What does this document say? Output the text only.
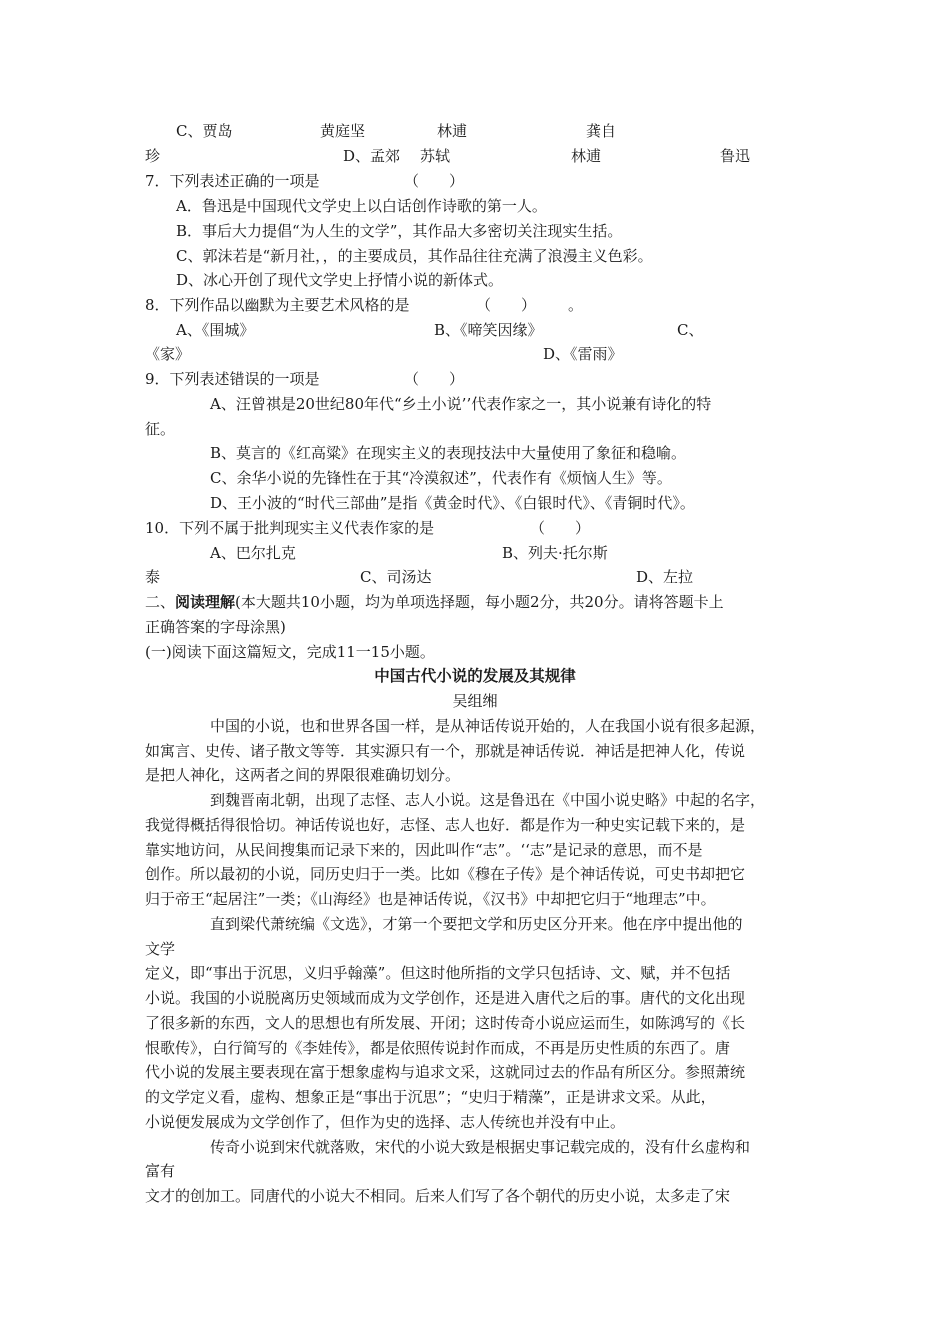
C、贾岛	黄庭坚	林逋	龚自
珍	D、孟郊 苏轼	林逋	鲁迅
7．下列表述正确的一项是	（　　）
A．鲁迅是中国现代文学史上以白话创作诗歌的第一人。
B．事后大力提倡“为人生的文学”，其作品大多密切关注现实生括。
C、郭沫若是“新月社，，的主要成员，其作品往往充满了浪漫主义色彩。
D、冰心开创了现代文学史上抒情小说的新体式。
8．下列作品以幽默为主要艺术风格的是	（　　） 。
A、《围城》	B、《啼笑因缘》	C、
《家》	D、《雷雨》
9．下列表述错误的一项是	（　　）
A、汪曾祺是20世纪80年代“乡土小说’’代表作家之一，其小说兼有诗化的特
征。
B、莫言的《红高粱》在现实主义的表现技法中大量使用了象征和稳喻。
C、余华小说的先锋性在于其“冷漠叙述”，代表作有《烦恼人生》等。
D、王小波的“时代三部曲”是指《黄金时代》、《白银时代》、《青铜时代》。
10．下列不属于批判现实主义代表作家的是	（　　）
A、巴尔扎克	B、列夫·托尔斯
泰	C、司汤达	D、左拉
二、阅读理解(本大题共10小题，均为单项选择题，每小题2分，共20分。请将答题卡上
正确答案的字母涂黑)
(一)阅读下面这篇短文，完成11一15小题。
中国古代小说的发展及其规律
吴组缃
中国的小说，也和世界各国一样，是从神话传说开始的，人在我国小说有很多起源，
如寓言、史传、诸子散文等等．其实源只有一个，那就是神话传说．神话是把神人化，传说
是把人神化，这两者之间的界限很难确切划分。
到魏晋南北朝，出现了志怪、志人小说。这是鲁迅在《中国小说史略》中起的名字，
我觉得概括得很恰切。神话传说也好，志怪、志人也好．都是作为一种史实记载下来的，是
靠实地访问，从民间搜集而记录下来的，因此叫作“志”。‘‘志”是记录的意思，而不是
创作。所以最初的小说，同历史归于一类。比如《穆在子传》是个神话传说，可史书却把它
归于帝王“起居注”一类；《山海经》也是神话传说，《汉书》中却把它归于“地理志”中。
直到梁代萧统编《文选》，才第一个要把文学和历史区分开来。他在序中提出他的
文学
定义，即“事出于沉思，义归乎翰藻”。但这时他所指的文学只包括诗、文、赋，并不包括
小说。我国的小说脱离历史领域而成为文学创作，还是进入唐代之后的事。唐代的文化出现
了很多新的东西，文人的思想也有所发展、开闭；这时传奇小说应运而生，如陈鸿写的《长
恨歌传》，白行简写的《李娃传》，都是依照传说封作而成，不再是历史性质的东西了。唐
代小说的发展主要表现在富于想象虚构与追求文采，这就同过去的作品有所区分。参照萧统
的文学定义看，虚构、想象正是“事出于沉思”；“史归于精藻”，正是讲求文采。从此，
小说便发展成为文学创作了，但作为史的选择、志人传统也并没有中止。
传奇小说到宋代就落败，宋代的小说大致是根据史事记载完成的，没有什幺虚构和
富有
文才的创加工。同唐代的小说大不相同。后来人们写了各个朝代的历史小说，太多走了宋
